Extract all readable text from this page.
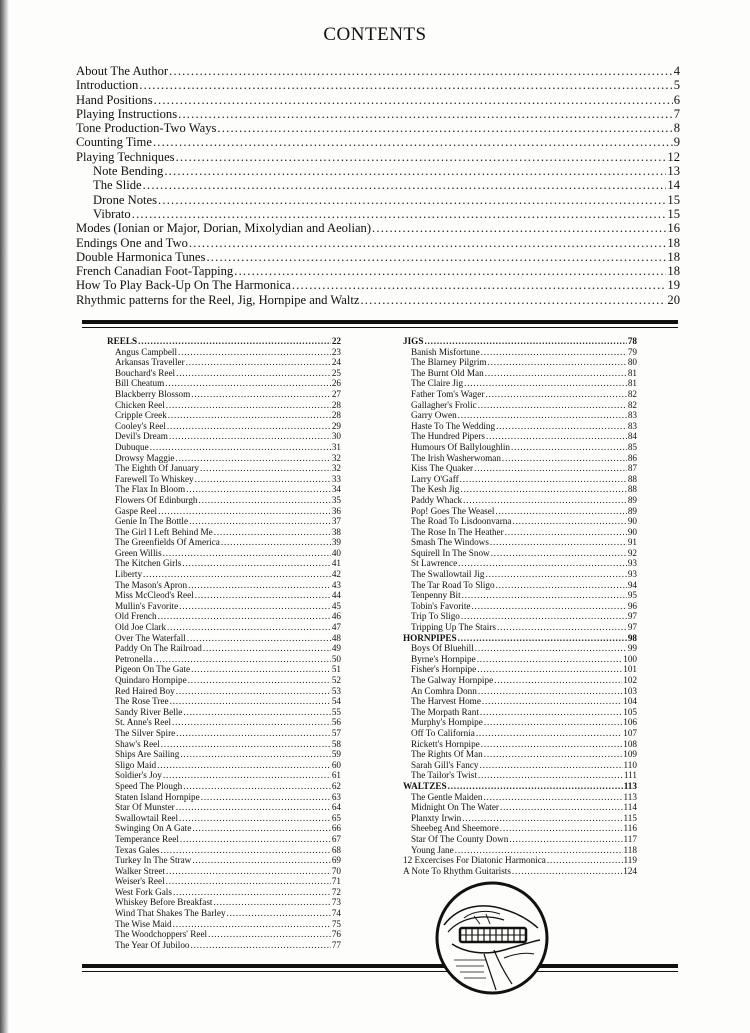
CONTENTS
About The Author .....	4
Introduction .....	5
Hand Positions .....	6
Playing Instructions .....	7
Tone Production-Two Ways .....	8
Counting Time .....	9
Playing Techniques .....	12
Note Bending .....	13
The Slide .....	14
Drone Notes .....	15
Vibrato .....	15
Modes (Ionian or Major, Dorian, Mixolydian and Aeolian) .....	16
Endings One and Two .....	18
Double Harmonica Tunes .....	18
French Canadian Foot-Tapping .....	18
How To Play Back-Up On The Harmonica .....	19
Rhythmic patterns for the Reel, Jig, Hornpipe and Waltz .....	20
REELS .....	22
Angus Campbell .....	23
Arkansas Traveller .....	24
Bouchard's Reel .....	25
Bill Cheatum .....	26
Blackberry Blossom .....	27
Chicken Reel .....	28
Cripple Creek .....	28
Cooley's Reel .....	29
Devil's Dream .....	30
Dubuque .....	31
Drowsy Maggie .....	32
The Eighth Of January .....	32
Farewell To Whiskey .....	33
The Flax In Bloom .....	34
Flowers Of Edinburgh .....	35
Gaspe Reel .....	36
Genie In The Bottle .....	37
The Girl I Left Behind Me .....	38
The Greenfields Of America .....	39
Green Willis .....	40
The Kitchen Girls .....	41
Liberty .....	42
The Mason's Apron .....	43
Miss McCleod's Reel .....	44
Mullin's Favorite .....	45
Old French .....	46
Old Joe Clark .....	47
Over The Waterfall .....	48
Paddy On The Railroad .....	49
Petronella .....	50
Pigeon On The Gate .....	51
Quindaro Hornpipe .....	52
Red Haired Boy .....	53
The Rose Tree .....	54
Sandy River Belle .....	55
St. Anne's Reel .....	56
The Silver Spire .....	57
Shaw's Reel .....	58
Ships Are Sailing .....	59
Sligo Maid .....	60
Soldier's Joy .....	61
Speed The Plough .....	62
Staten Island Hornpipe .....	63
Star Of Munster .....	64
Swallowtail Reel .....	65
Swinging On A Gate .....	66
Temperance Reel .....	67
Texas Gales .....	68
Turkey In The Straw .....	69
Walker Street .....	70
Weiser's Reel .....	71
West Fork Gals .....	72
Whiskey Before Breakfast .....	73
Wind That Shakes The Barley .....	74
The Wise Maid .....	75
The Woodchoppers' Reel .....	76
The Year Of Jubiloo .....	77
JIGS .....	78
Banish Misfortune .....	79
The Blarney Pilgrim .....	80
The Burnt Old Man .....	81
The Claire Jig .....	81
Father Tom's Wager .....	82
Gallagher's Frolic .....	82
Garry Owen .....	83
Haste To The Wedding .....	83
The Hundred Pipers .....	84
Humours Of Ballyloughlin .....	85
The Irish Washerwoman .....	86
Kiss The Quaker .....	87
Larry O'Gaff .....	88
The Kesh Jig .....	88
Paddy Whack .....	89
Pop! Goes The Weasel .....	89
The Road To Lisdoonvarna .....	90
The Rose In The Heather .....	90
Smash The Windows .....	91
Squirell In The Snow .....	92
St Lawrence .....	93
The Swallowtail Jig .....	93
The Tar Road To Sligo .....	94
Tenpenny Bit .....	95
Tobin's Favorite .....	96
Trip To Sligo .....	97
Tripping Up The Stairs .....	97
HORNPIPES .....	98
Boys Of Bluehill .....	99
Byrne's Hornpipe .....	100
Fisher's Hornpipe .....	101
The Galway Hornpipe .....	102
An Comhra Donn .....	103
The Harvest Home .....	104
The Morpath Rant .....	105
Murphy's Hornpipe .....	106
Off To California .....	107
Rickett's Hornpipe .....	108
The Rights Of Man .....	109
Sarah Gill's Fancy .....	110
The Tailor's Twist .....	111
WALTZES .....	113
The Gentle Maiden .....	113
Midnight On The Water .....	114
Planxty Irwin .....	115
Sheebeg And Sheemore .....	116
Star Of The County Down .....	117
Young Jane .....	118
12 Excercises For Diatonic Harmonica .....	119
A Note To Rhythm Guitarists .....	124
